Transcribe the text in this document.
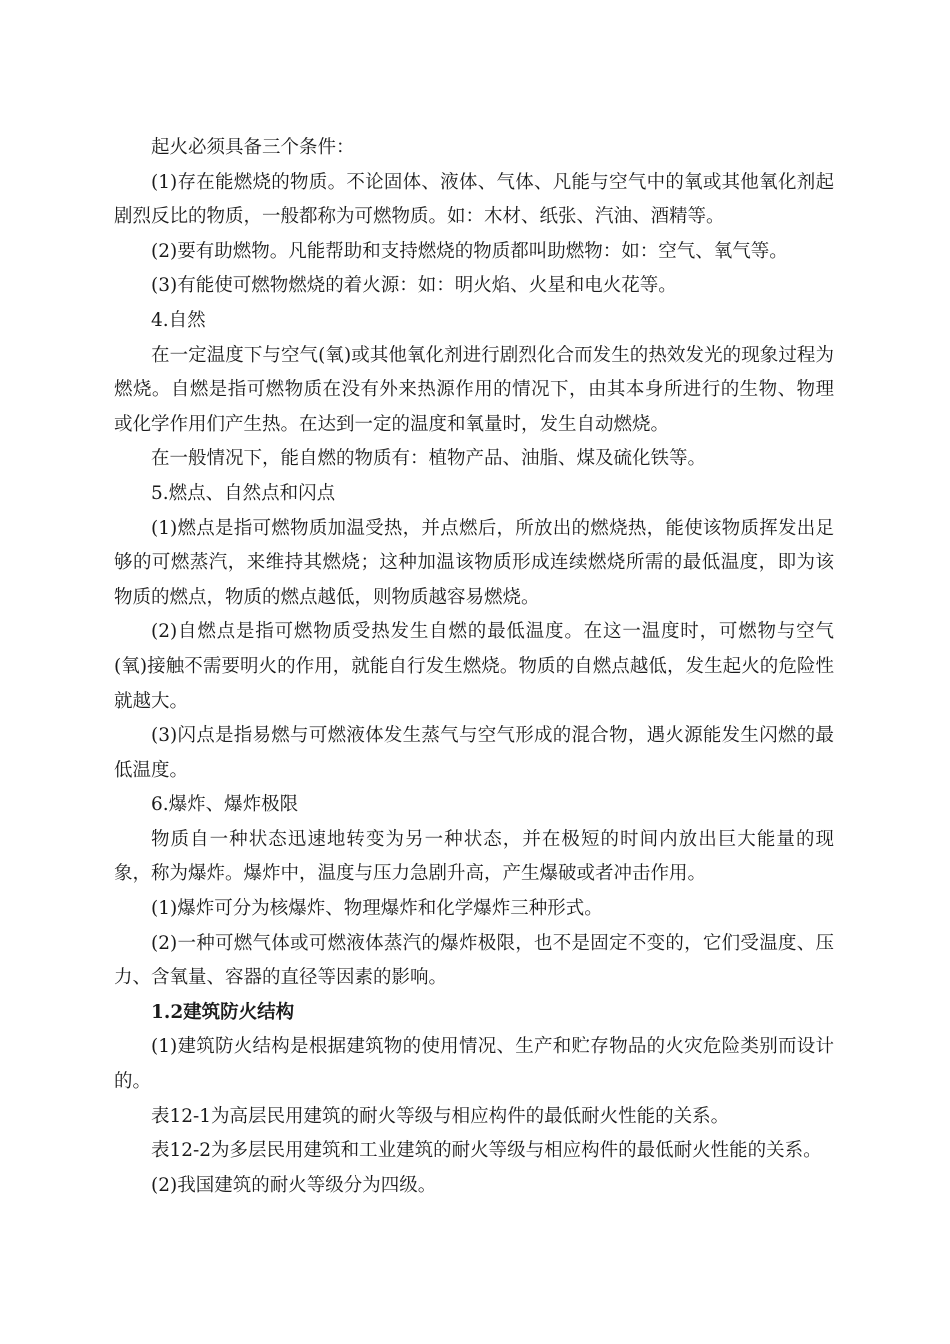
起火必须具备三个条件：

(1)存在能燃烧的物质。不论固体、液体、气体、凡能与空气中的氧或其他氧化剂起剧烈反比的物质，一般都称为可燃物质。如：木材、纸张、汽油、酒精等。

(2)要有助燃物。凡能帮助和支持燃烧的物质都叫助燃物：如：空气、氧气等。

(3)有能使可燃物燃烧的着火源：如：明火焰、火星和电火花等。

4.自然

在一定温度下与空气(氧)或其他氧化剂进行剧烈化合而发生的热效发光的现象过程为燃烧。自燃是指可燃物质在没有外来热源作用的情况下，由其本身所进行的生物、物理或化学作用们产生热。在达到一定的温度和氧量时，发生自动燃烧。

在一般情况下，能自燃的物质有：植物产品、油脂、煤及硫化铁等。

5.燃点、自然点和闪点

(1)燃点是指可燃物质加温受热，并点燃后，所放出的燃烧热，能使该物质挥发出足够的可燃蒸汽，来维持其燃烧；这种加温该物质形成连续燃烧所需的最低温度，即为该物质的燃点，物质的燃点越低，则物质越容易燃烧。

(2)自燃点是指可燃物质受热发生自燃的最低温度。在这一温度时，可燃物与空气(氧)接触不需要明火的作用，就能自行发生燃烧。物质的自燃点越低，发生起火的危险性就越大。

(3)闪点是指易燃与可燃液体发生蒸气与空气形成的混合物，遇火源能发生闪燃的最低温度。

6.爆炸、爆炸极限

物质自一种状态迅速地转变为另一种状态，并在极短的时间内放出巨大能量的现象，称为爆炸。爆炸中，温度与压力急剧升高，产生爆破或者冲击作用。

(1)爆炸可分为核爆炸、物理爆炸和化学爆炸三种形式。

(2)一种可燃气体或可燃液体蒸汽的爆炸极限，也不是固定不变的，它们受温度、压力、含氧量、容器的直径等因素的影响。

1.2建筑防火结构

(1)建筑防火结构是根据建筑物的使用情况、生产和贮存物品的火灾危险类别而设计的。

表12-1为高层民用建筑的耐火等级与相应构件的最低耐火性能的关系。

表12-2为多层民用建筑和工业建筑的耐火等级与相应构件的最低耐火性能的关系。

(2)我国建筑的耐火等级分为四级。
